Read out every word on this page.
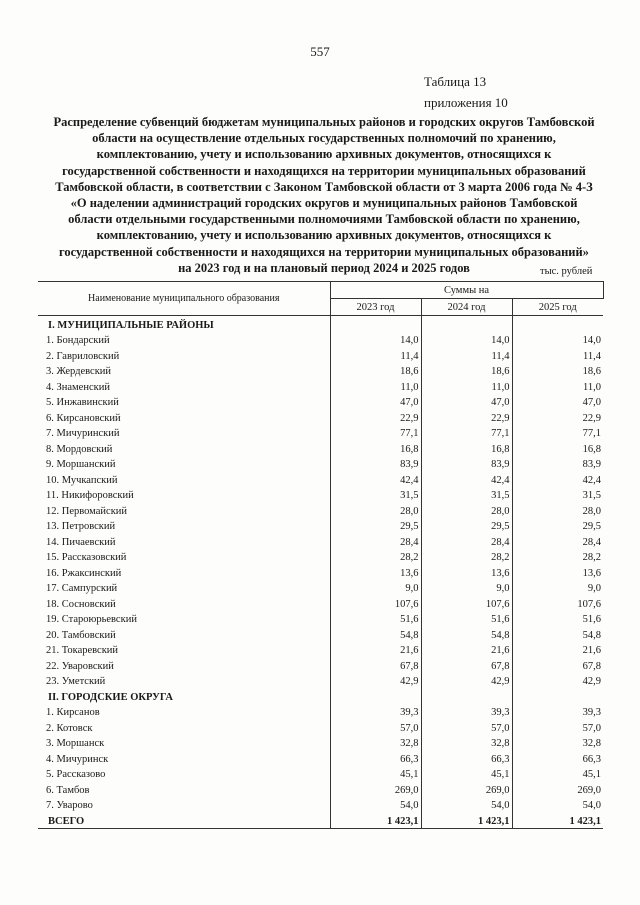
557
Таблица 13
приложения 10
Распределение субвенций бюджетам муниципальных районов и городских округов Тамбовской
области на осуществление отдельных государственных полномочий по хранению,
комплектованию, учету и использованию архивных документов, относящихся к
государственной собственности и находящихся на территории муниципальных образований
Тамбовской области, в соответствии с Законом Тамбовской области от 3 марта 2006 года № 4-З
«О наделении администраций городских округов и муниципальных районов Тамбовской
области отдельными государственными полномочиями Тамбовской области по хранению,
комплектованию, учету и использованию архивных документов, относящихся к
государственной собственности и находящихся на территории муниципальных образований»
на 2023 год и на плановый период 2024 и 2025 годов	тыс. рублей
Наименование муниципального образования	Суммы на		
	2023 год	2024 год	2025 год
I. МУНИЦИПАЛЬНЫЕ РАЙОНЫ			
1. Бондарский	14,0	14,0	14,0
2. Гавриловский	11,4	11,4	11,4
3. Жердевский	18,6	18,6	18,6
4. Знаменский	11,0	11,0	11,0
5. Инжавинский	47,0	47,0	47,0
6. Кирсановский	22,9	22,9	22,9
7. Мичуринский	77,1	77,1	77,1
8. Мордовский	16,8	16,8	16,8
9. Моршанский	83,9	83,9	83,9
10. Мучкапский	42,4	42,4	42,4
11. Никифоровский	31,5	31,5	31,5
12. Первомайский	28,0	28,0	28,0
13. Петровский	29,5	29,5	29,5
14. Пичаевский	28,4	28,4	28,4
15. Рассказовский	28,2	28,2	28,2
16. Ржаксинский	13,6	13,6	13,6
17. Сампурский	9,0	9,0	9,0
18. Сосновский	107,6	107,6	107,6
19. Староюрьевский	51,6	51,6	51,6
20. Тамбовский	54,8	54,8	54,8
21. Токаревский	21,6	21,6	21,6
22. Уваровский	67,8	67,8	67,8
23. Уметский	42,9	42,9	42,9
II. ГОРОДСКИЕ ОКРУГА			
1. Кирсанов	39,3	39,3	39,3
2. Котовск	57,0	57,0	57,0
3. Моршанск	32,8	32,8	32,8
4. Мичуринск	66,3	66,3	66,3
5. Рассказово	45,1	45,1	45,1
6. Тамбов	269,0	269,0	269,0
7. Уварово	54,0	54,0	54,0
ВСЕГО	1 423,1	1 423,1	1 423,1
